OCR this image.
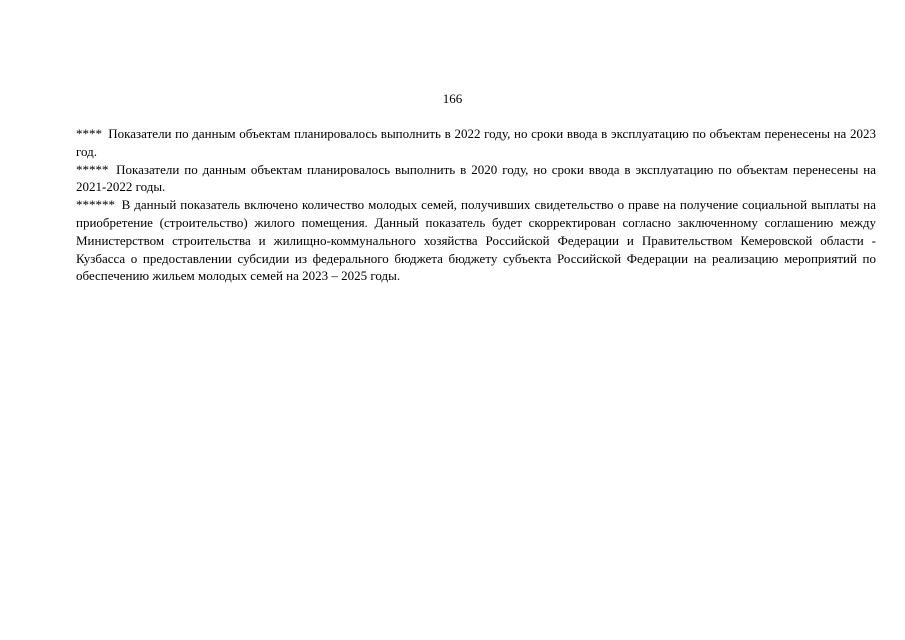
166

**** Показатели по данным объектам планировалось выполнить в 2022 году, но сроки ввода в эксплуатацию по объектам перенесены на 2023 год.

***** Показатели по данным объектам планировалось выполнить в 2020 году, но сроки ввода в эксплуатацию по объектам перенесены на 2021-2022 годы.

****** В данный показатель включено количество молодых семей, получивших свидетельство о праве на получение социальной выплаты на приобретение (строительство) жилого помещения. Данный показатель будет скорректирован согласно заключенному соглашению между Министерством строительства и жилищно-коммунального хозяйства Российской Федерации и Правительством Кемеровской области - Кузбасса о предоставлении субсидии из федерального бюджета бюджету субъекта Российской Федерации на реализацию мероприятий по обеспечению жильем молодых семей на 2023 – 2025 годы.
